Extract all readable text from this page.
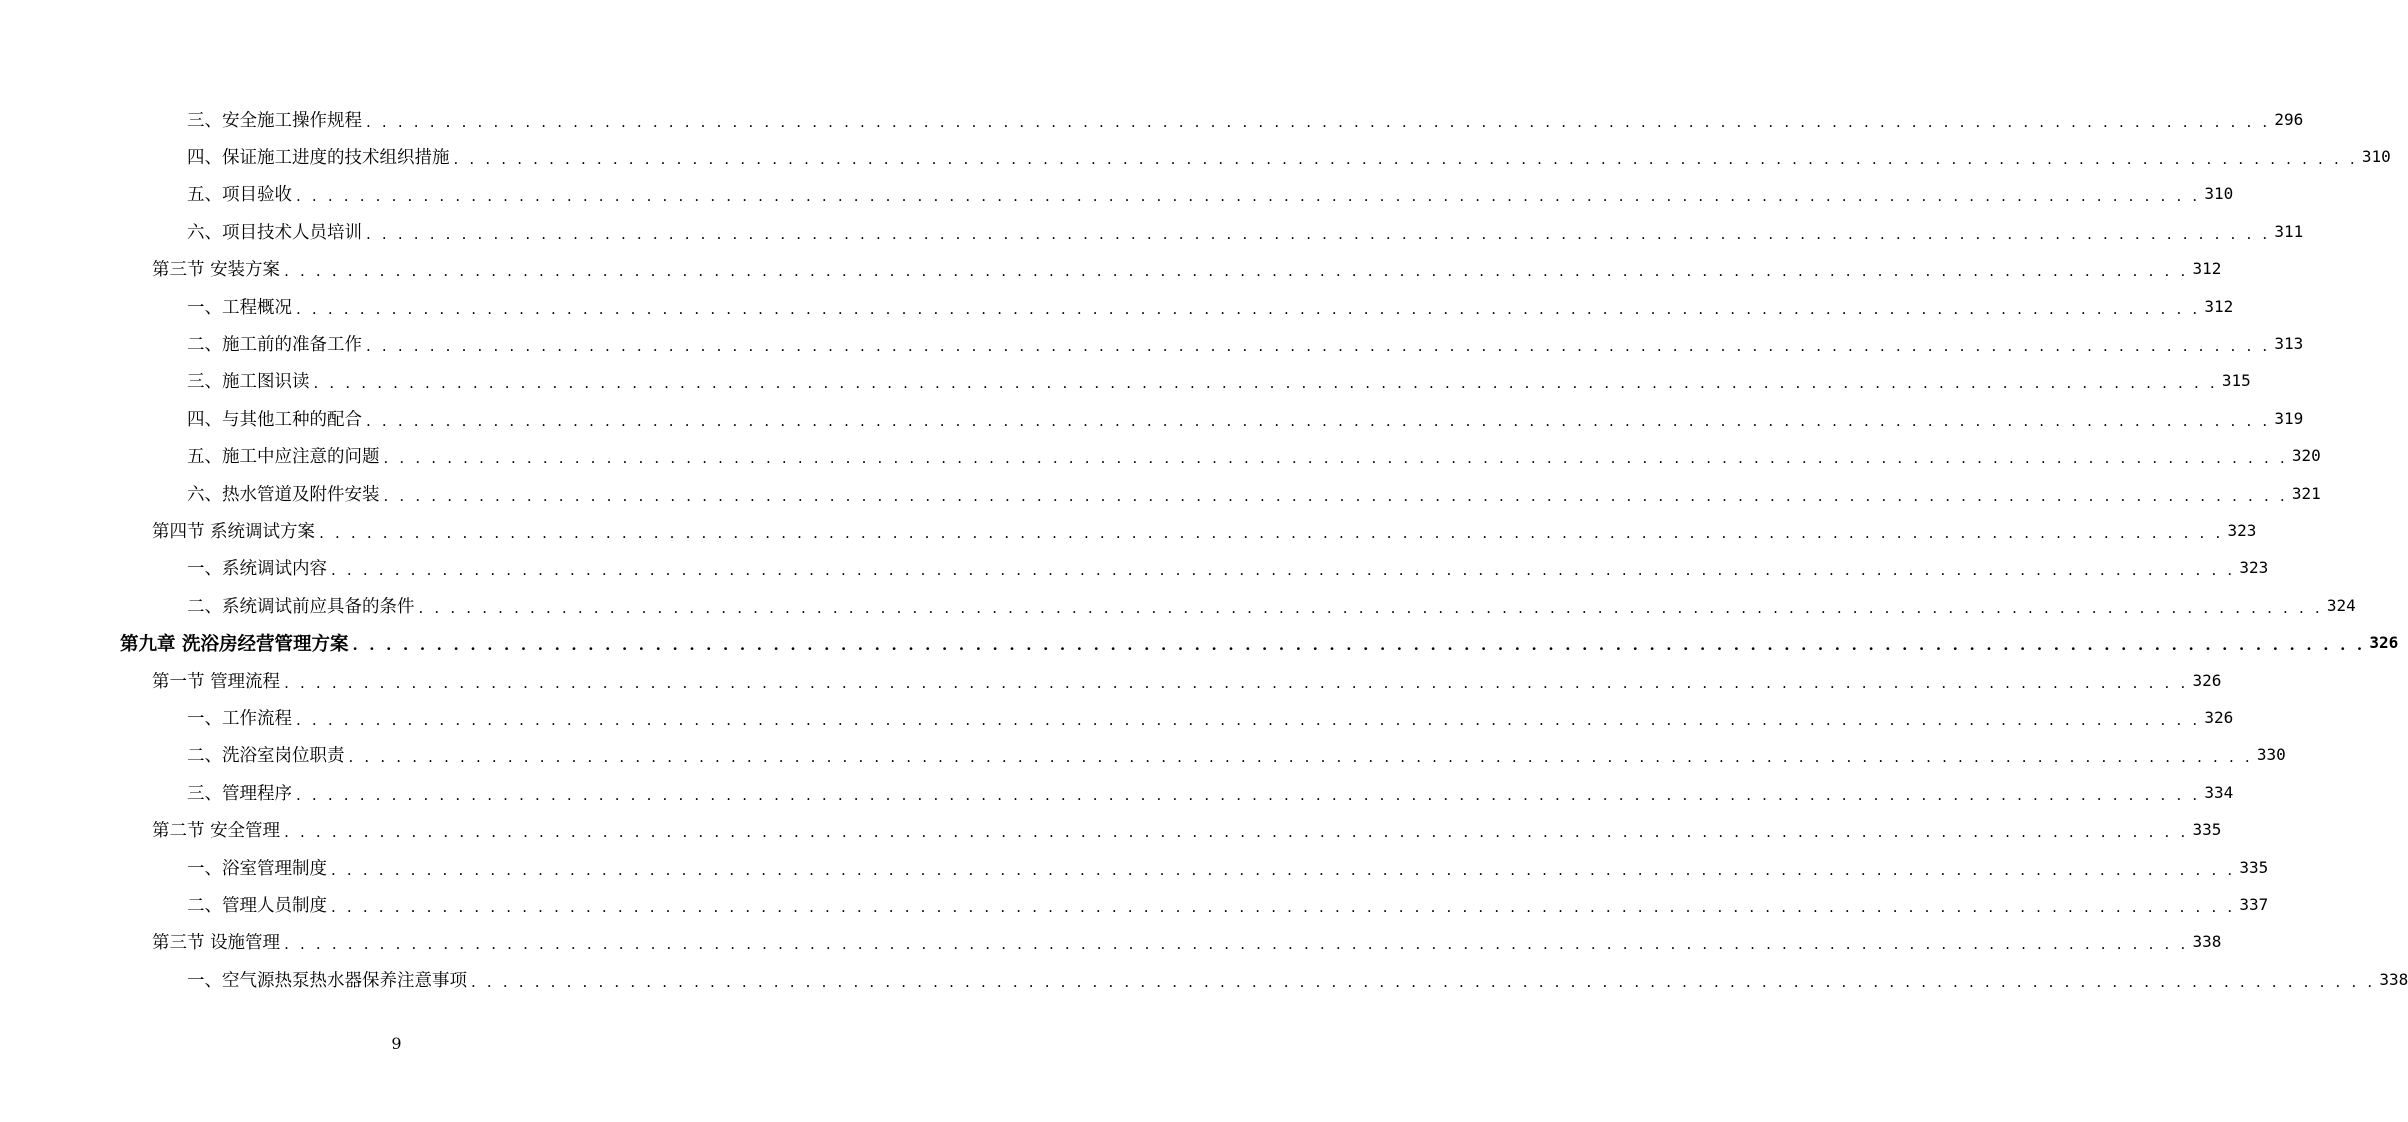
三、安全施工操作规程 . . . . . . . . . . . . . . . . . . . . . . . . . . . . . . . . . . . . . . . . . . . . . . . . . . . . . . . . . . . . . . . . . . . . . . . . . . . . . . . . . . . . . . . . . . . . . . . . . . . . . . . . . . . . . . . . . . . . . . . . 296
四、保证施工进度的技术组织措施 . . . . . . . . . . . . . . . . . . . . . . . . . . . . . . . . . . . . . . . . . . . . . . . . . . . . . . . . . . . . . . . . . . . . . . . . . . . . . . . . . . . . . . . . . . . . . . . . . . . . . . . . . . . . . . . . . . . . . . . . 310
五、项目验收 . . . . . . . . . . . . . . . . . . . . . . . . . . . . . . . . . . . . . . . . . . . . . . . . . . . . . . . . . . . . . . . . . . . . . . . . . . . . . . . . . . . . . . . . . . . . . . . . . . . . . . . . . . . . . . . . . . . . . . . . 310
六、项目技术人员培训 . . . . . . . . . . . . . . . . . . . . . . . . . . . . . . . . . . . . . . . . . . . . . . . . . . . . . . . . . . . . . . . . . . . . . . . . . . . . . . . . . . . . . . . . . . . . . . . . . . . . . . . . . . . . . . . . . . . . . . . . 311
第三节 安装方案 . . . . . . . . . . . . . . . . . . . . . . . . . . . . . . . . . . . . . . . . . . . . . . . . . . . . . . . . . . . . . . . . . . . . . . . . . . . . . . . . . . . . . . . . . . . . . . . . . . . . . . . . . . . . . . . . . . . . . . . . 312
一、工程概况 . . . . . . . . . . . . . . . . . . . . . . . . . . . . . . . . . . . . . . . . . . . . . . . . . . . . . . . . . . . . . . . . . . . . . . . . . . . . . . . . . . . . . . . . . . . . . . . . . . . . . . . . . . . . . . . . . . . . . . . . 312
二、施工前的准备工作 . . . . . . . . . . . . . . . . . . . . . . . . . . . . . . . . . . . . . . . . . . . . . . . . . . . . . . . . . . . . . . . . . . . . . . . . . . . . . . . . . . . . . . . . . . . . . . . . . . . . . . . . . . . . . . . . . . . . . . . . 313
三、施工图识读 . . . . . . . . . . . . . . . . . . . . . . . . . . . . . . . . . . . . . . . . . . . . . . . . . . . . . . . . . . . . . . . . . . . . . . . . . . . . . . . . . . . . . . . . . . . . . . . . . . . . . . . . . . . . . . . . . . . . . . . . 315
四、与其他工种的配合 . . . . . . . . . . . . . . . . . . . . . . . . . . . . . . . . . . . . . . . . . . . . . . . . . . . . . . . . . . . . . . . . . . . . . . . . . . . . . . . . . . . . . . . . . . . . . . . . . . . . . . . . . . . . . . . . . . . . . . . . 319
五、施工中应注意的问题 . . . . . . . . . . . . . . . . . . . . . . . . . . . . . . . . . . . . . . . . . . . . . . . . . . . . . . . . . . . . . . . . . . . . . . . . . . . . . . . . . . . . . . . . . . . . . . . . . . . . . . . . . . . . . . . . . . . . . . . . 320
六、热水管道及附件安装 . . . . . . . . . . . . . . . . . . . . . . . . . . . . . . . . . . . . . . . . . . . . . . . . . . . . . . . . . . . . . . . . . . . . . . . . . . . . . . . . . . . . . . . . . . . . . . . . . . . . . . . . . . . . . . . . . . . . . . . . 321
第四节 系统调试方案 . . . . . . . . . . . . . . . . . . . . . . . . . . . . . . . . . . . . . . . . . . . . . . . . . . . . . . . . . . . . . . . . . . . . . . . . . . . . . . . . . . . . . . . . . . . . . . . . . . . . . . . . . . . . . . . . . . . . . . . . 323
一、系统调试内容 . . . . . . . . . . . . . . . . . . . . . . . . . . . . . . . . . . . . . . . . . . . . . . . . . . . . . . . . . . . . . . . . . . . . . . . . . . . . . . . . . . . . . . . . . . . . . . . . . . . . . . . . . . . . . . . . . . . . . . . . 323
二、系统调试前应具备的条件 . . . . . . . . . . . . . . . . . . . . . . . . . . . . . . . . . . . . . . . . . . . . . . . . . . . . . . . . . . . . . . . . . . . . . . . . . . . . . . . . . . . . . . . . . . . . . . . . . . . . . . . . . . . . . . . . . . . . . . . . 324
第九章 洗浴房经营管理方案 . . . . . . . . . . . . . . . . . . . . . . . . . . . . . . . . . . . . . . . . . . . . . . . . . . . . . . . . . . . . . . . . . . . . . . . . . . . . . . . . . . . . . . . . . . . . . . . . . . . . . . . . . . . . . . . . . . . . . . . . 326
第一节 管理流程 . . . . . . . . . . . . . . . . . . . . . . . . . . . . . . . . . . . . . . . . . . . . . . . . . . . . . . . . . . . . . . . . . . . . . . . . . . . . . . . . . . . . . . . . . . . . . . . . . . . . . . . . . . . . . . . . . . . . . . . . 326
一、工作流程 . . . . . . . . . . . . . . . . . . . . . . . . . . . . . . . . . . . . . . . . . . . . . . . . . . . . . . . . . . . . . . . . . . . . . . . . . . . . . . . . . . . . . . . . . . . . . . . . . . . . . . . . . . . . . . . . . . . . . . . . 326
二、洗浴室岗位职责 . . . . . . . . . . . . . . . . . . . . . . . . . . . . . . . . . . . . . . . . . . . . . . . . . . . . . . . . . . . . . . . . . . . . . . . . . . . . . . . . . . . . . . . . . . . . . . . . . . . . . . . . . . . . . . . . . . . . . . . . 330
三、管理程序 . . . . . . . . . . . . . . . . . . . . . . . . . . . . . . . . . . . . . . . . . . . . . . . . . . . . . . . . . . . . . . . . . . . . . . . . . . . . . . . . . . . . . . . . . . . . . . . . . . . . . . . . . . . . . . . . . . . . . . . . 334
第二节 安全管理 . . . . . . . . . . . . . . . . . . . . . . . . . . . . . . . . . . . . . . . . . . . . . . . . . . . . . . . . . . . . . . . . . . . . . . . . . . . . . . . . . . . . . . . . . . . . . . . . . . . . . . . . . . . . . . . . . . . . . . . . 335
一、浴室管理制度 . . . . . . . . . . . . . . . . . . . . . . . . . . . . . . . . . . . . . . . . . . . . . . . . . . . . . . . . . . . . . . . . . . . . . . . . . . . . . . . . . . . . . . . . . . . . . . . . . . . . . . . . . . . . . . . . . . . . . . . . 335
二、管理人员制度 . . . . . . . . . . . . . . . . . . . . . . . . . . . . . . . . . . . . . . . . . . . . . . . . . . . . . . . . . . . . . . . . . . . . . . . . . . . . . . . . . . . . . . . . . . . . . . . . . . . . . . . . . . . . . . . . . . . . . . . . 337
第三节 设施管理 . . . . . . . . . . . . . . . . . . . . . . . . . . . . . . . . . . . . . . . . . . . . . . . . . . . . . . . . . . . . . . . . . . . . . . . . . . . . . . . . . . . . . . . . . . . . . . . . . . . . . . . . . . . . . . . . . . . . . . . . 338
一、空气源热泵热水器保养注意事项 . . . . . . . . . . . . . . . . . . . . . . . . . . . . . . . . . . . . . . . . . . . . . . . . . . . . . . . . . . . . . . . . . . . . . . . . . . . . . . . . . . . . . . . . . . . . . . . . . . . . . . . . . . . . . . . . . . . . . . . . 338
9
